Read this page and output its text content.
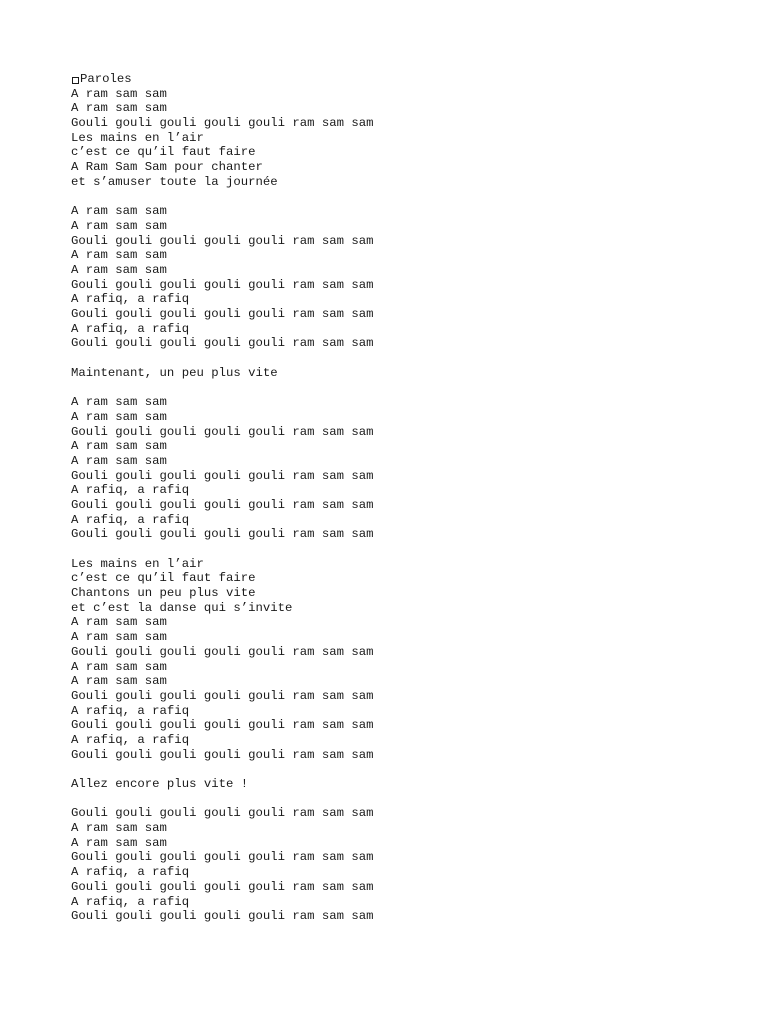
Paroles
A ram sam sam
A ram sam sam
Gouli gouli gouli gouli gouli ram sam sam
Les mains en l’air
c’est ce qu’il faut faire
A Ram Sam Sam pour chanter
et s’amuser toute la journée
A ram sam sam
A ram sam sam
Gouli gouli gouli gouli gouli ram sam sam
A ram sam sam
A ram sam sam
Gouli gouli gouli gouli gouli ram sam sam
A rafiq, a rafiq
Gouli gouli gouli gouli gouli ram sam sam
A rafiq, a rafiq
Gouli gouli gouli gouli gouli ram sam sam
Maintenant, un peu plus vite
A ram sam sam
A ram sam sam
Gouli gouli gouli gouli gouli ram sam sam
A ram sam sam
A ram sam sam
Gouli gouli gouli gouli gouli ram sam sam
A rafiq, a rafiq
Gouli gouli gouli gouli gouli ram sam sam
A rafiq, a rafiq
Gouli gouli gouli gouli gouli ram sam sam
Les mains en l’air
c’est ce qu’il faut faire
Chantons un peu plus vite
et c’est la danse qui s’invite
A ram sam sam
A ram sam sam
Gouli gouli gouli gouli gouli ram sam sam
A ram sam sam
A ram sam sam
Gouli gouli gouli gouli gouli ram sam sam
A rafiq, a rafiq
Gouli gouli gouli gouli gouli ram sam sam
A rafiq, a rafiq
Gouli gouli gouli gouli gouli ram sam sam
Allez encore plus vite !
Gouli gouli gouli gouli gouli ram sam sam
A ram sam sam
A ram sam sam
Gouli gouli gouli gouli gouli ram sam sam
A rafiq, a rafiq
Gouli gouli gouli gouli gouli ram sam sam
A rafiq, a rafiq
Gouli gouli gouli gouli gouli ram sam sam
